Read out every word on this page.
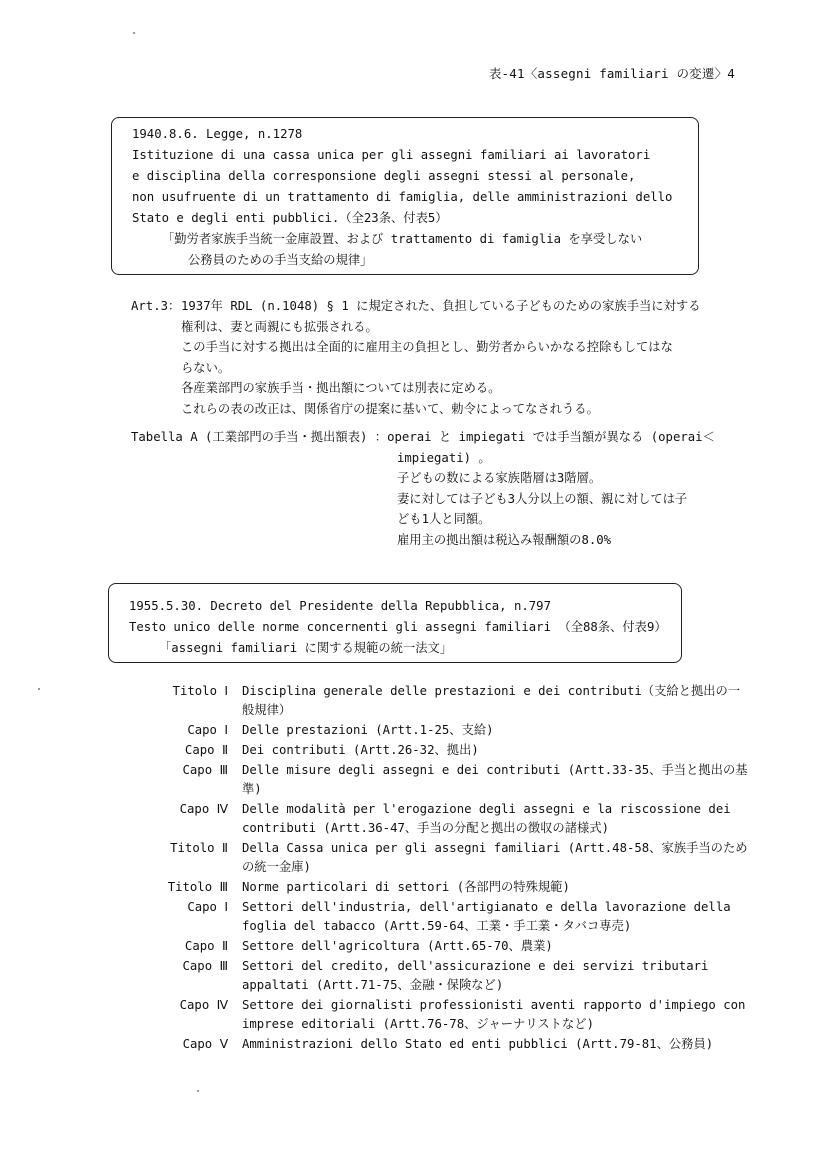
表-41〈assegni familiari の変遷〉4
1940.8.6. Legge, n.1278
Istituzione di una cassa unica per gli assegni familiari ai lavoratori
e disciplina della corresponsione degli assegni stessi al personale,
non usufruente di un trattamento di famiglia, delle amministrazioni dello
Stato e degli enti pubblici.（全23条、付表5）
「勤労者家族手当統一金庫設置、および trattamento di famiglia を享受しない
公務員のための手当支給の規律」
Art.3： 1937年 RDL (n.1048) § 1 に規定された、負担している子どものための家族手当に対する
権利は、妻と両親にも拡張される。
この手当に対する拠出は全面的に雇用主の負担とし、勤労者からいかなる控除もしてはな
らない。
各産業部門の家族手当・拠出額については別表に定める。
これらの表の改正は、関係省庁の提案に基いて、勅令によってなされうる。
Tabella A (工業部門の手当・拠出額表) ：operai と impiegati では手当額が異なる (operai＜
impiegati) 。
子どもの数による家族階層は3階層。
妻に対しては子ども3人分以上の額、親に対しては子
ども1人と同額。
雇用主の拠出額は税込み報酬額の8.0%
1955.5.30. Decreto del Presidente della Repubblica, n.797
Testo unico delle norme concernenti gli assegni familiari （全88条、付表9）
「assegni familiari に関する規範の統一法文」
Titolo Ⅰ	Disciplina generale delle prestazioni e dei contributi（支給と拠出の一
般規律）
Capo Ⅰ	Delle prestazioni (Artt.1-25、支給)
Capo Ⅱ	Dei contributi (Artt.26-32、拠出)
Capo Ⅲ	Delle misure degli assegni e dei contributi (Artt.33-35、手当と拠出の基
準)
Capo Ⅳ	Delle modalità per l'erogazione degli assegni e la riscossione dei
contributi (Artt.36-47、手当の分配と拠出の徴収の諸様式)
Titolo Ⅱ	Della Cassa unica per gli assegni familiari (Artt.48-58、家族手当のため
の統一金庫)
Titolo Ⅲ	Norme particolari di settori (各部門の特殊規範)
Capo Ⅰ	Settori dell'industria, dell'artigianato e della lavorazione della
foglia del tabacco (Artt.59-64、工業・手工業・タバコ専売)
Capo Ⅱ	Settore dell'agricoltura (Artt.65-70、農業)
Capo Ⅲ	Settori del credito, dell'assicurazione e dei servizi tributari
appaltati (Artt.71-75、金融・保険など)
Capo Ⅳ	Settore dei giornalisti professionisti aventi rapporto d'impiego con
imprese editoriali (Artt.76-78、ジャーナリストなど)
Capo Ⅴ	Amministrazioni dello Stato ed enti pubblici (Artt.79-81、公務員)
